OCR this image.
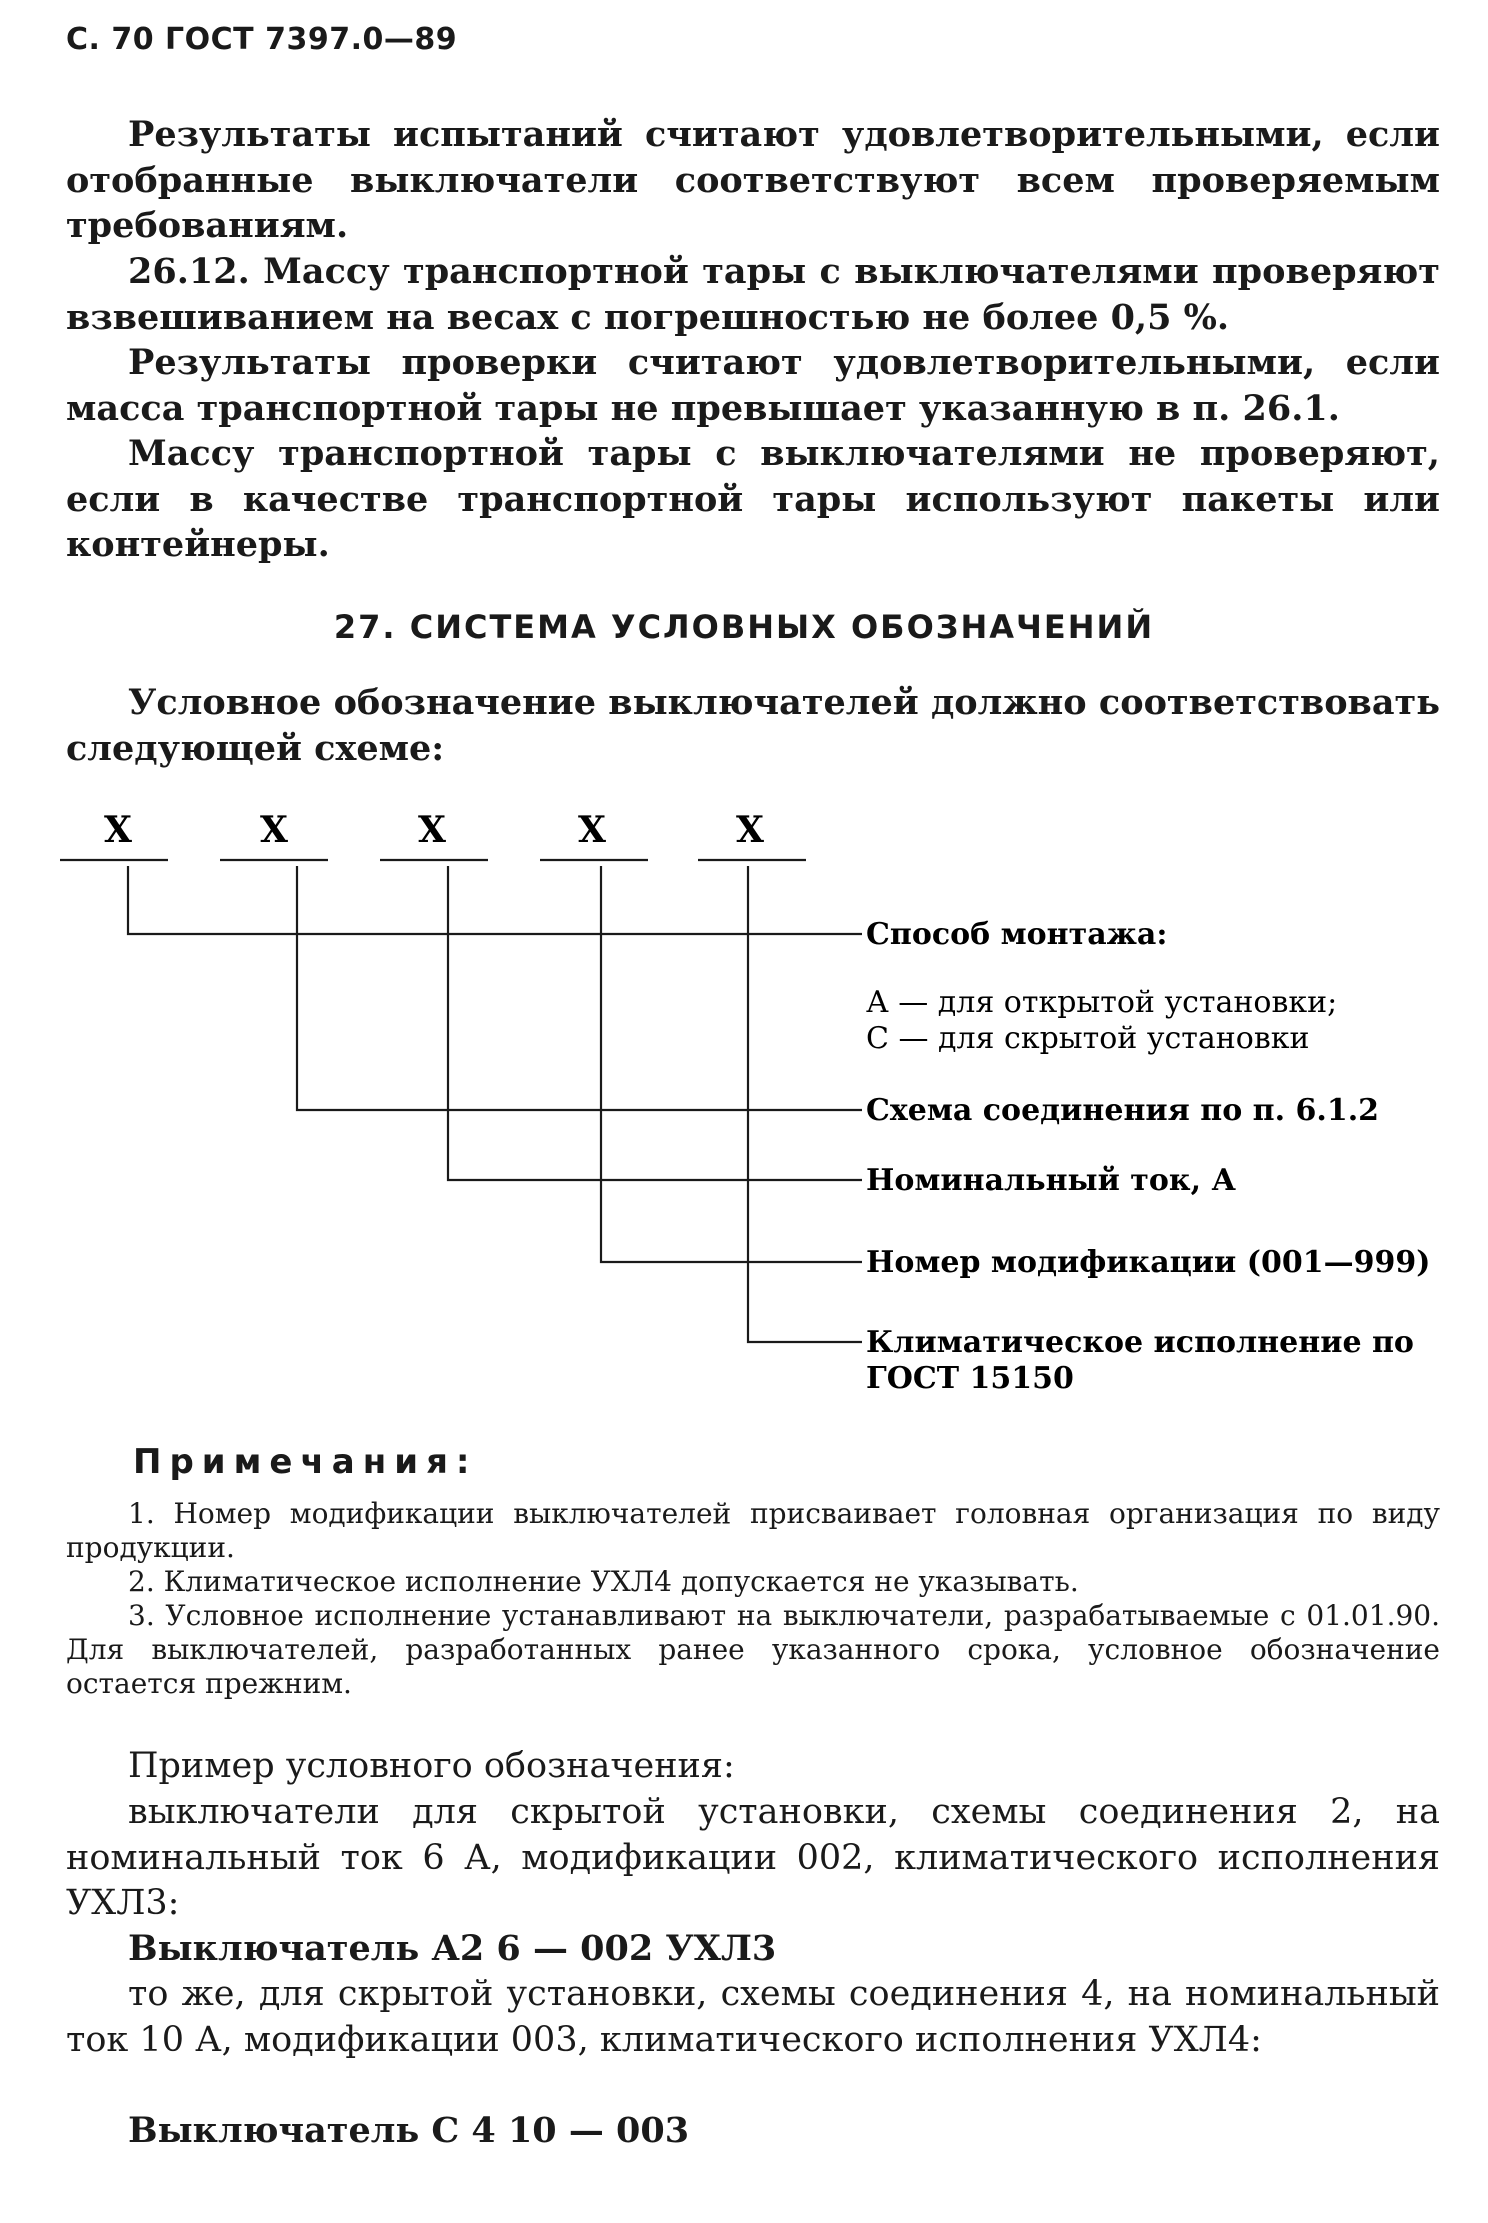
С. 70 ГОСТ 7397.0—89

Результаты испытаний считают удовлетворительными, если отобранные выключатели соответствуют всем проверяемым требованиям.

26.12. Массу транспортной тары с выключателями проверяют взвешиванием на весах с погрешностью не более 0,5 %.

Результаты проверки считают удовлетворительными, если масса транспортной тары не превышает указанную в п. 26.1.

Массу транспортной тары с выключателями не проверяют, если в качестве транспортной тары используют пакеты или контейнеры.

27. СИСТЕМА УСЛОВНЫХ ОБОЗНАЧЕНИЙ

Условное обозначение выключателей должно соответствовать следующей схеме:

X	X	X	X	X
Способ монтажа:
А — для открытой установки;
С — для скрытой установки
Схема соединения по п. 6.1.2
Номинальный ток, А
Номер модификации (001—999)
Климатическое исполнение по
ГОСТ 15150
Примечания:

1. Номер модификации выключателей присваивает головная организация по виду продукции.

2. Климатическое исполнение УХЛ4 допускается не указывать.

3. Условное исполнение устанавливают на выключатели, разрабатываемые с 01.01.90. Для выключателей, разработанных ранее указанного срока, условное обозначение остается прежним.

Пример условного обозначения:

выключатели для скрытой установки, схемы соединения 2, на номинальный ток 6 А, модификации 002, климатического исполнения УХЛ3:

Выключатель А2 6 — 002 УХЛ3

то же, для скрытой установки, схемы соединения 4, на номинальный ток 10 А, модификации 003, климатического исполнения УХЛ4:

Выключатель С 4 10 — 003
